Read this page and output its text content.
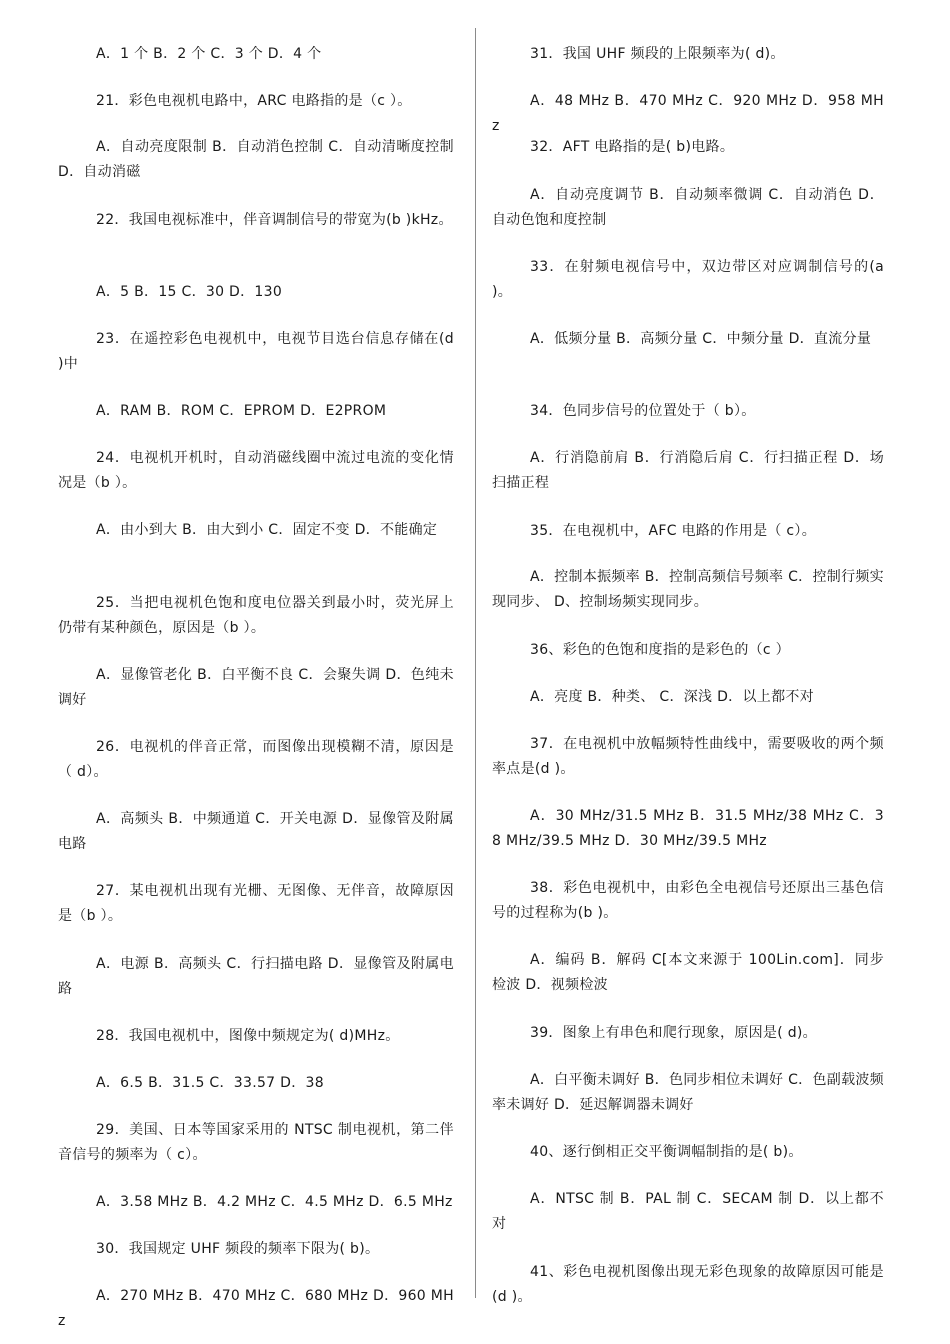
A．1 个 B．2 个 C．3 个 D．4 个

21．彩色电视机电路中，ARC 电路指的是（c ）。

A．自动亮度限制 B．自动消色控制 C．自动清晰度控制 D．自动消磁

22．我国电视标准中，伴音调制信号的带宽为(b )kHz。

A．5 B．15 C．30 D．130

23．在遥控彩色电视机中，电视节目选台信息存储在(d )中

A．RAM B．ROM C．EPROM D．E2PROM

24．电视机开机时，自动消磁线圈中流过电流的变化情况是（b ）。

A．由小到大 B．由大到小 C．固定不变 D．不能确定

25．当把电视机色饱和度电位器关到最小时，荧光屏上仍带有某种颜色，原因是（b ）。

A．显像管老化 B．白平衡不良 C．会聚失调 D．色纯未调好

26．电视机的伴音正常，而图像出现模糊不清，原因是（ d）。

A．高频头 B．中频通道 C．开关电源 D．显像管及附属电路

27．某电视机出现有光栅、无图像、无伴音，故障原因是（b ）。

A．电源 B．高频头 C．行扫描电路 D．显像管及附属电路

28．我国电视机中，图像中频规定为( d)MHz。

A．6.5 B．31.5 C．33.57 D．38

29．美国、日本等国家采用的 NTSC 制电视机，第二伴音信号的频率为（ c）。

A．3.58 MHz B．4.2 MHz C．4.5 MHz D．6.5 MHz

30．我国规定 UHF 频段的频率下限为( b)。

A．270 MHz B．470 MHz C．680 MHz D．960 MHz

31．我国 UHF 频段的上限频率为( d)。

A．48 MHz B．470 MHz C．920 MHz D．958 MHz

32．AFT 电路指的是( b)电路。

A．自动亮度调节 B．自动频率微调 C．自动消色 D．自动色饱和度控制

33．在射频电视信号中，双边带区对应调制信号的(a )。

A．低频分量 B．高频分量 C．中频分量 D．直流分量

34．色同步信号的位置处于（ b）。

A．行消隐前肩 B．行消隐后肩 C．行扫描正程 D．场扫描正程

35．在电视机中，AFC 电路的作用是（ c）。

A．控制本振频率 B．控制高频信号频率 C．控制行频实现同步、 D、控制场频实现同步。

36、彩色的色饱和度指的是彩色的（c ）

A．亮度 B．种类、 C．深浅 D．以上都不对

37．在电视机中放幅频特性曲线中，需要吸收的两个频率点是(d )。

A．30 MHz/31.5 MHz B．31.5 MHz/38 MHz C．38 MHz/39.5 MHz D．30 MHz/39.5 MHz

38．彩色电视机中，由彩色全电视信号还原出三基色信号的过程称为(b )。

A．编码 B．解码 C[本文来源于 100Lin.com]．同步检波 D．视频检波

39．图象上有串色和爬行现象，原因是( d)。

A．白平衡未调好 B．色同步相位未调好 C．色副载波频率未调好 D．延迟解调器未调好

40、逐行倒相正交平衡调幅制指的是( b)。

A．NTSC 制 B．PAL 制 C．SECAM 制 D．以上都不对

41、彩色电视机图像出现无彩色现象的故障原因可能是(d )。
